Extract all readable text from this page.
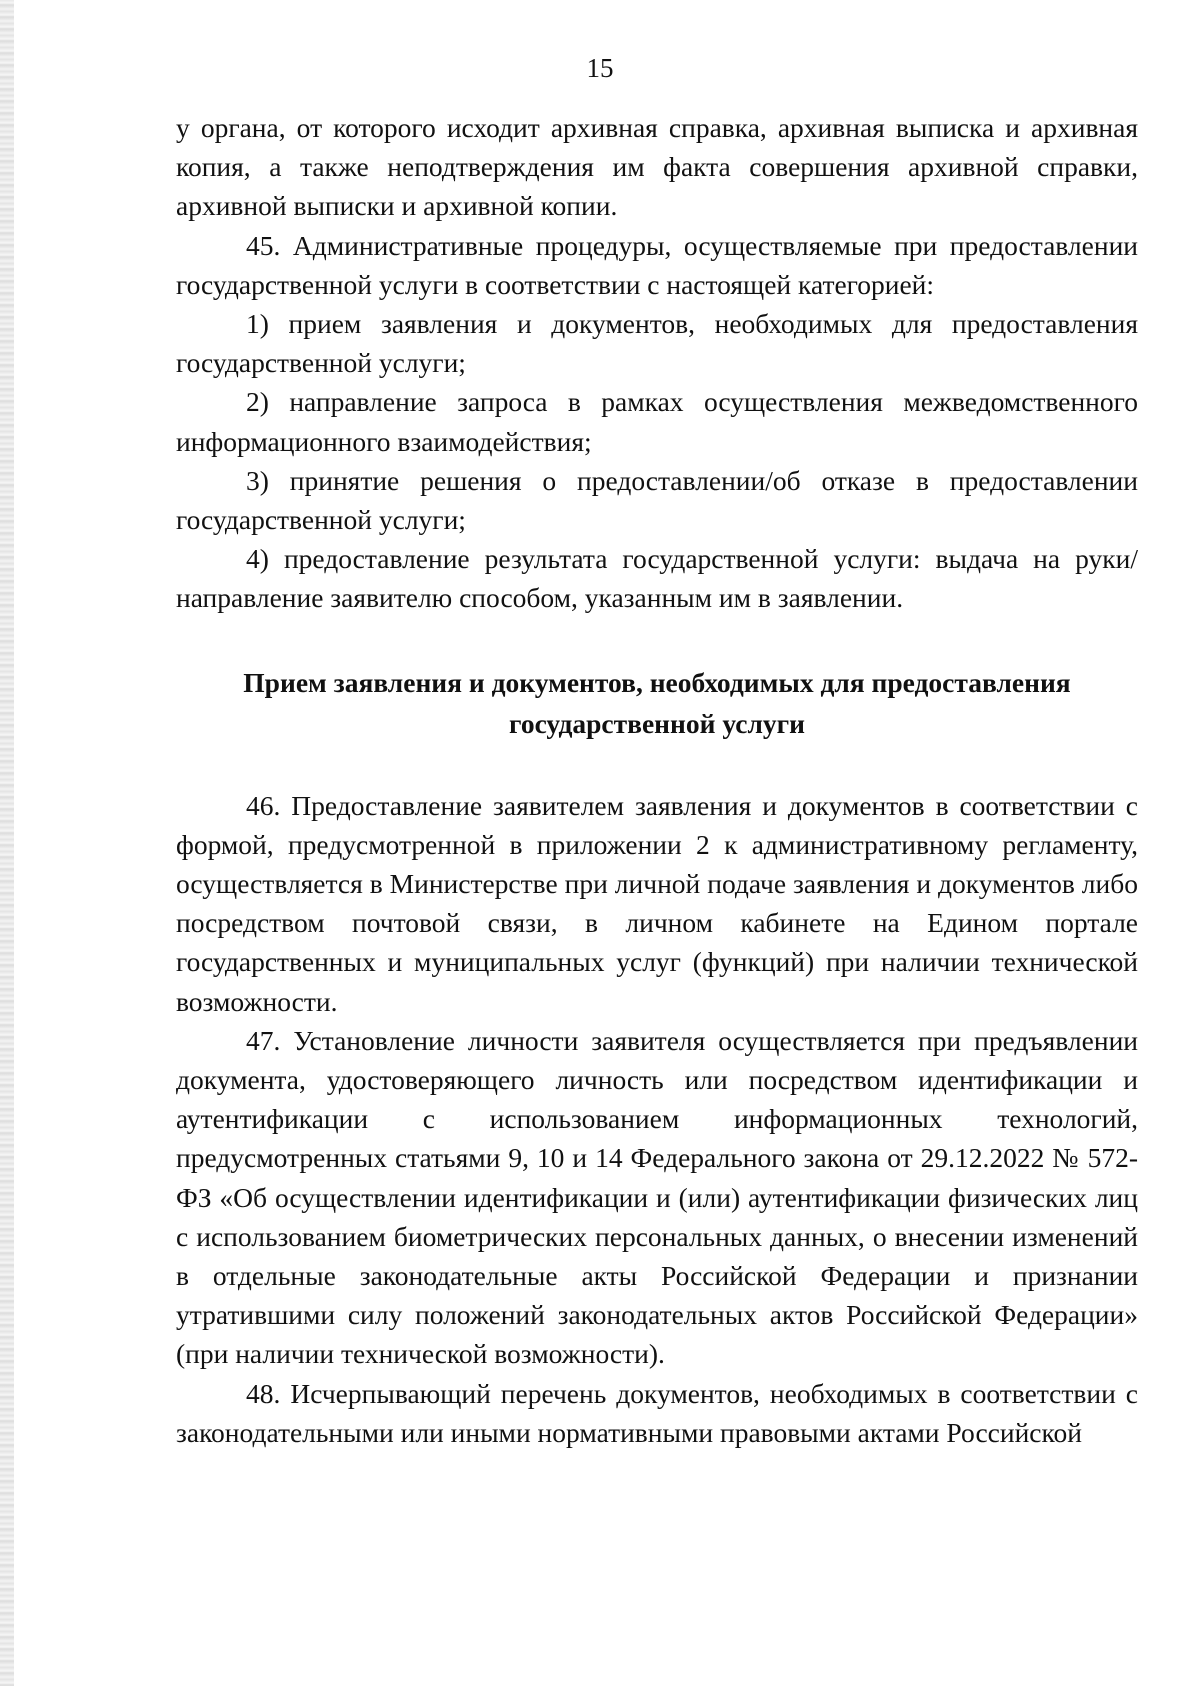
15

у органа, от которого исходит архивная справка, архивная выписка и архивная копия, а также неподтверждения им факта совершения архивной справки, архивной выписки и архивной копии.

45. Административные процедуры, осуществляемые при предоставлении государственной услуги в соответствии с настоящей категорией:

1) прием заявления и документов, необходимых для предоставления государственной услуги;

2) направление запроса в рамках осуществления межведомственного информационного взаимодействия;

3) принятие решения о предоставлении/об отказе в предоставлении государственной услуги;

4) предоставление результата государственной услуги: выдача на руки/направление заявителю способом, указанным им в заявлении.

Прием заявления и документов, необходимых для предоставления
государственной услуги

46. Предоставление заявителем заявления и документов в соответствии с формой, предусмотренной в приложении 2 к административному регламенту, осуществляется в Министерстве при личной подаче заявления и документов либо посредством почтовой связи, в личном кабинете на Едином портале государственных и муниципальных услуг (функций) при наличии технической возможности.

47. Установление личности заявителя осуществляется при предъявлении документа, удостоверяющего личность или посредством идентификации и аутентификации с использованием информационных технологий, предусмотренных статьями 9, 10 и 14 Федерального закона от 29.12.2022 № 572-ФЗ «Об осуществлении идентификации и (или) аутентификации физических лиц с использованием биометрических персональных данных, о внесении изменений в отдельные законодательные акты Российской Федерации и признании утратившими силу положений законодательных актов Российской Федерации» (при наличии технической возможности).

48. Исчерпывающий перечень документов, необходимых в соответствии с законодательными или иными нормативными правовыми актами Российской
